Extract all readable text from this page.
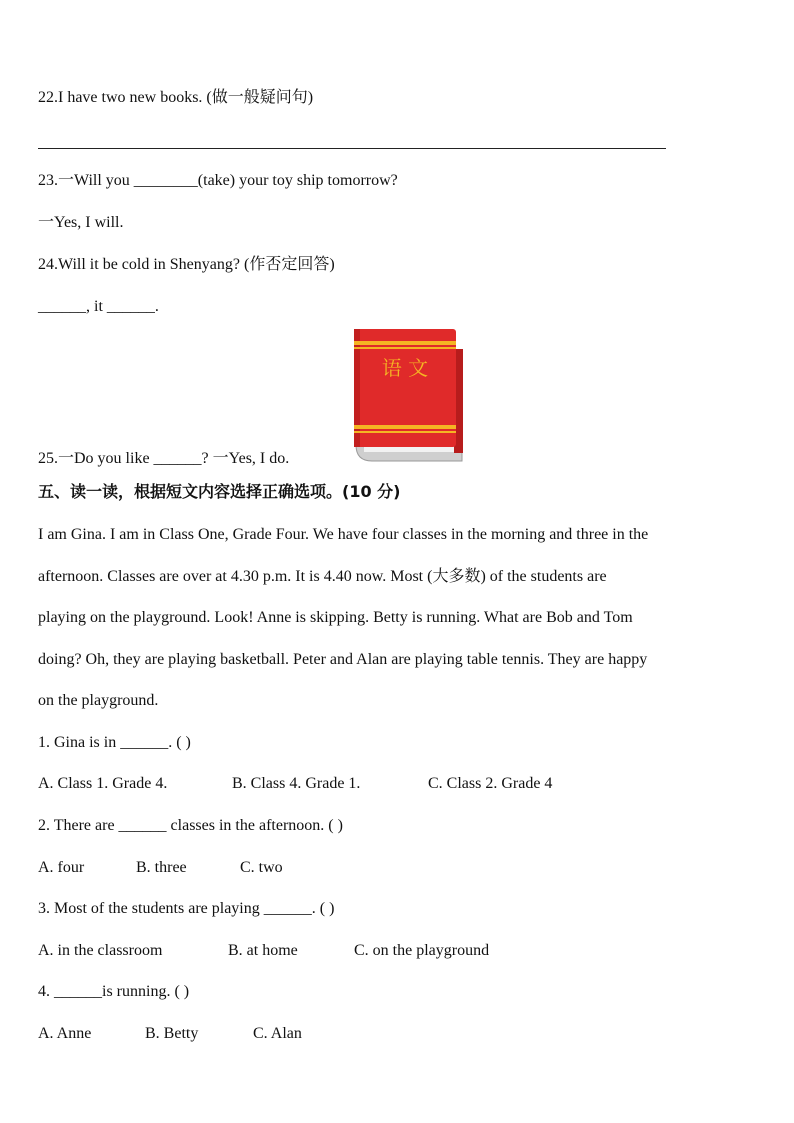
22.I have two new books. (做一般疑问句)
23.一Will you ________(take) your toy ship tomorrow?
一Yes, I will.
24.Will it be cold in Shenyang? (作否定回答)
______, it ______.
语 文
25.一Do you like ______? 一Yes, I do.
五、读一读，根据短文内容选择正确选项。(10 分)
I am Gina. I am in Class One, Grade Four. We have four classes in the morning and three in the
afternoon. Classes are over at 4.30 p.m. It is 4.40 now. Most (大多数) of the students are
playing on the playground. Look! Anne is skipping. Betty is running. What are Bob and Tom
doing? Oh, they are playing basketball. Peter and Alan are playing table tennis. They are happy
on the playground.
1. Gina is in ______. ( )
A. Class 1. Grade 4.	B. Class 4. Grade 1.	C. Class 2. Grade 4
2. There are ______ classes in the afternoon. ( )
A. four	B. three	C. two
3. Most of the students are playing ______. ( )
A. in the classroom	B. at home	C. on the playground
4. ______is running. ( )
A. Anne	B. Betty	C. Alan
